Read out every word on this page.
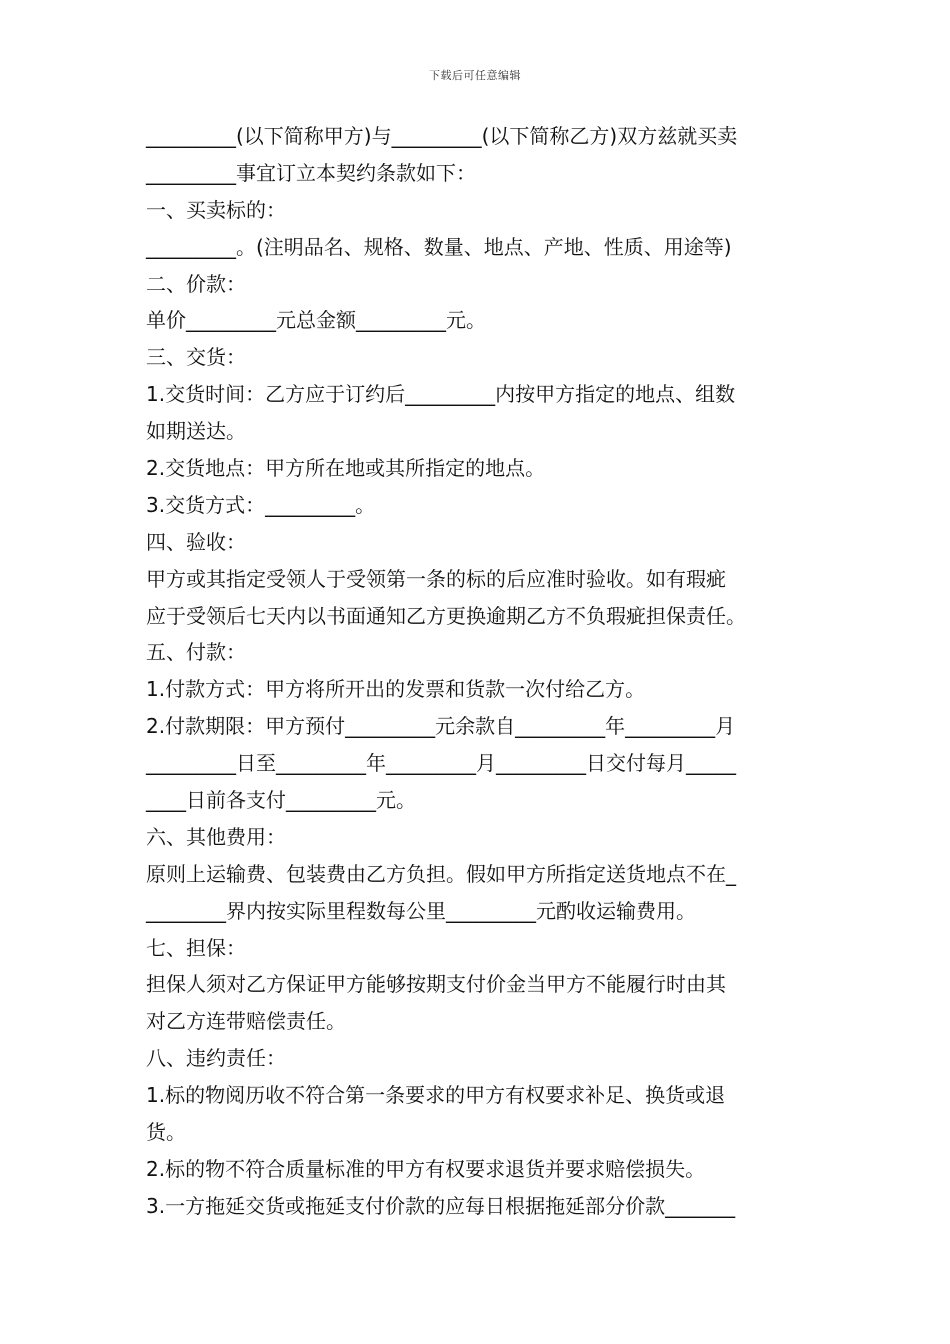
下载后可任意编辑
_________(以下简称甲方)与_________(以下简称乙方)双方兹就买卖
_________事宜订立本契约条款如下：
一、买卖标的：
_________。(注明品名、规格、数量、地点、产地、性质、用途等)
二、价款：
单价_________元总金额_________元。
三、交货：
1.交货时间：乙方应于订约后_________内按甲方指定的地点、组数
如期送达。
2.交货地点：甲方所在地或其所指定的地点。
3.交货方式：_________。
四、验收：
甲方或其指定受领人于受领第一条的标的后应准时验收。如有瑕疵
应于受领后七天内以书面通知乙方更换逾期乙方不负瑕疵担保责任。
五、付款：
1.付款方式：甲方将所开出的发票和货款一次付给乙方。
2.付款期限：甲方预付_________元余款自_________年_________月
_________日至_________年_________月_________日交付每月_____
____日前各支付_________元。
六、其他费用：
原则上运输费、包装费由乙方负担。假如甲方所指定送货地点不在_
________界内按实际里程数每公里_________元酌收运输费用。
七、担保：
担保人须对乙方保证甲方能够按期支付价金当甲方不能履行时由其
对乙方连带赔偿责任。
八、违约责任：
1.标的物阅历收不符合第一条要求的甲方有权要求补足、换货或退
货。
2.标的物不符合质量标准的甲方有权要求退货并要求赔偿损失。
3.一方拖延交货或拖延支付价款的应每日根据拖延部分价款_______
